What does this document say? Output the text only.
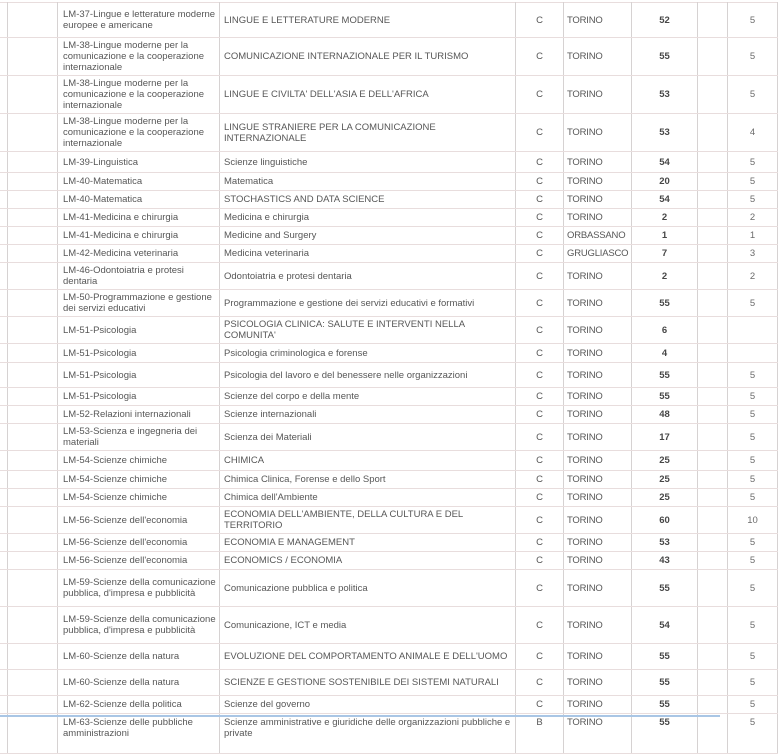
		LM-37-Lingue e letterature moderne europee e americane	LINGUE E LETTERATURE MODERNE	C	TORINO	52		5
		LM-38-Lingue moderne per la comunicazione e la cooperazione internazionale	COMUNICAZIONE INTERNAZIONALE PER IL TURISMO	C	TORINO	55		5
		LM-38-Lingue moderne per la comunicazione e la cooperazione internazionale	LINGUE E CIVILTA' DELL'ASIA E DELL'AFRICA	C	TORINO	53		5
		LM-38-Lingue moderne per la comunicazione e la cooperazione internazionale	LINGUE STRANIERE PER LA COMUNICAZIONE INTERNAZIONALE	C	TORINO	53		4
		LM-39-Linguistica	Scienze linguistiche	C	TORINO	54		5
		LM-40-Matematica	Matematica	C	TORINO	20		5
		LM-40-Matematica	STOCHASTICS AND DATA SCIENCE	C	TORINO	54		5
		LM-41-Medicina e chirurgia	Medicina e chirurgia	C	TORINO	2		2
		LM-41-Medicina e chirurgia	Medicine and Surgery	C	ORBASSANO	1		1
		LM-42-Medicina veterinaria	Medicina veterinaria	C	GRUGLIASCO	7		3
		LM-46-Odontoiatria e protesi dentaria	Odontoiatria e protesi dentaria	C	TORINO	2		2
		LM-50-Programmazione e gestione dei servizi educativi	Programmazione e gestione dei servizi educativi e formativi	C	TORINO	55		5
		LM-51-Psicologia	PSICOLOGIA CLINICA: SALUTE E INTERVENTI NELLA COMUNITA'	C	TORINO	6		
		LM-51-Psicologia	Psicologia criminologica e forense	C	TORINO	4		
		LM-51-Psicologia	Psicologia del lavoro e del benessere nelle organizzazioni	C	TORINO	55		5
		LM-51-Psicologia	Scienze del corpo e della mente	C	TORINO	55		5
		LM-52-Relazioni internazionali	Scienze internazionali	C	TORINO	48		5
		LM-53-Scienza e ingegneria dei materiali	Scienza dei Materiali	C	TORINO	17		5
		LM-54-Scienze chimiche	CHIMICA	C	TORINO	25		5
		LM-54-Scienze chimiche	Chimica Clinica, Forense e dello Sport	C	TORINO	25		5
		LM-54-Scienze chimiche	Chimica dell'Ambiente	C	TORINO	25		5
		LM-56-Scienze dell'economia	ECONOMIA DELL'AMBIENTE, DELLA CULTURA E DEL TERRITORIO	C	TORINO	60		10
		LM-56-Scienze dell'economia	ECONOMIA E MANAGEMENT	C	TORINO	53		5
		LM-56-Scienze dell'economia	ECONOMICS / ECONOMIA	C	TORINO	43		5
		LM-59-Scienze della comunicazione pubblica, d'impresa e pubblicità	Comunicazione pubblica e politica	C	TORINO	55		5
		LM-59-Scienze della comunicazione pubblica, d'impresa e pubblicità	Comunicazione, ICT e media	C	TORINO	54		5
		LM-60-Scienze della natura	EVOLUZIONE DEL COMPORTAMENTO ANIMALE E DELL'UOMO	C	TORINO	55		5
		LM-60-Scienze della natura	SCIENZE E GESTIONE SOSTENIBILE DEI SISTEMI NATURALI	C	TORINO	55		5
		LM-62-Scienze della politica	Scienze del governo	C	TORINO	55		5
		LM-63-Scienze delle pubbliche amministrazioni	Scienze amministrative e giuridiche delle organizzazioni pubbliche e private	B	TORINO	55		5
